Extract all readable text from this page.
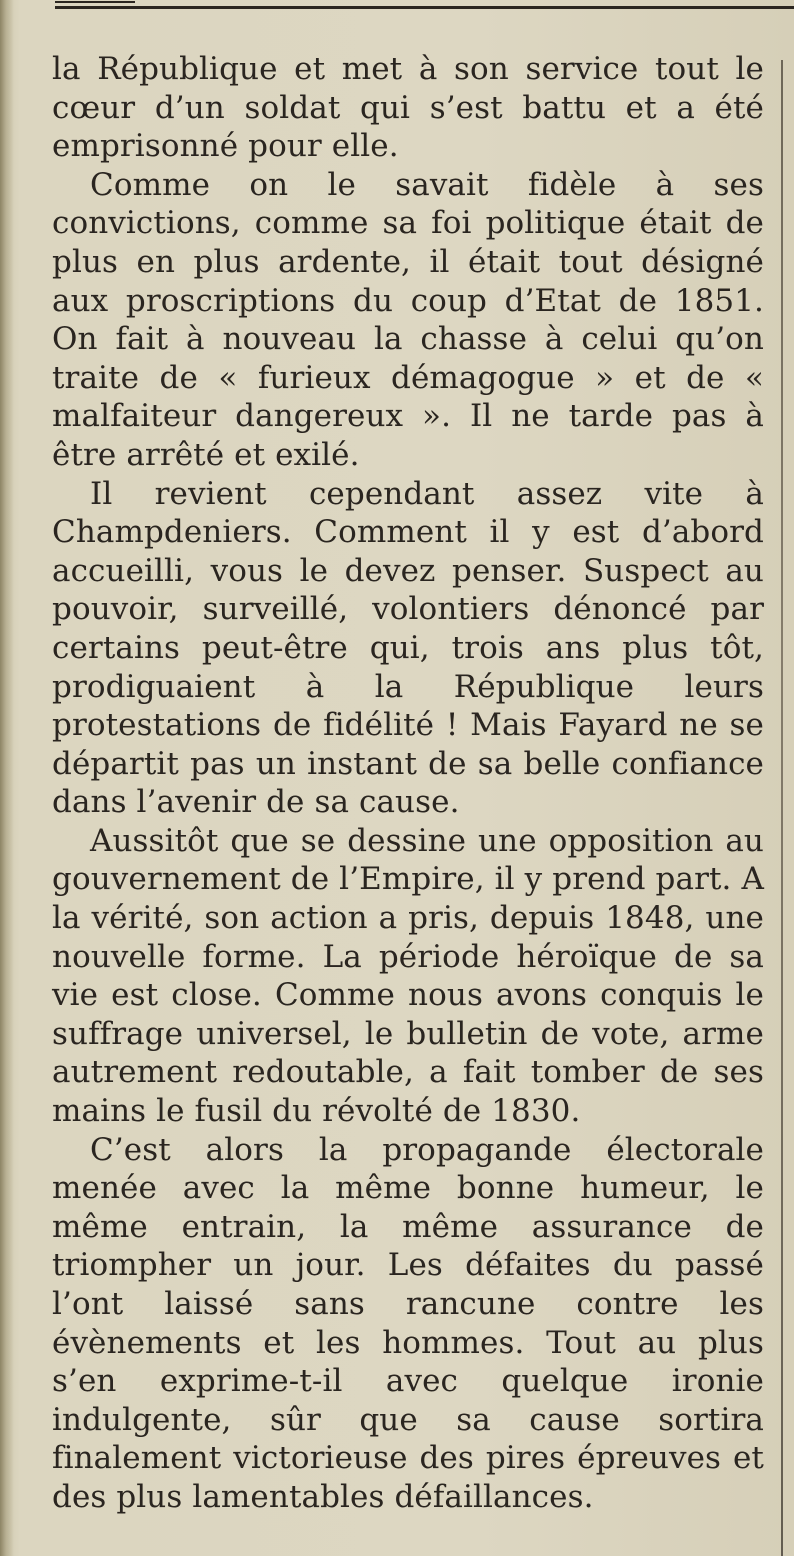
la République et met à son service tout le cœur d’un soldat qui s’est battu et a été emprisonné pour elle.

Comme on le savait fidèle à ses convictions, comme sa foi politique était de plus en plus ardente, il était tout désigné aux proscriptions du coup d’Etat de 1851. On fait à nouveau la chasse à celui qu’on traite de « furieux démagogue » et de « malfaiteur dangereux ». Il ne tarde pas à être arrêté et exilé.

Il revient cependant assez vite à Champdeniers. Comment il y est d’abord accueilli, vous le devez penser. Suspect au pouvoir, surveillé, volontiers dénoncé par certains peut-être qui, trois ans plus tôt, prodiguaient à la République leurs protestations de fidélité ! Mais Fayard ne se départit pas un instant de sa belle confiance dans l’avenir de sa cause.

Aussitôt que se dessine une opposition au gouvernement de l’Empire, il y prend part. A la vérité, son action a pris, depuis 1848, une nouvelle forme. La période héroïque de sa vie est close. Comme nous avons conquis le suffrage universel, le bulletin de vote, arme autrement redoutable, a fait tomber de ses mains le fusil du révolté de 1830.

C’est alors la propagande électorale menée avec la même bonne humeur, le même entrain, la même assurance de triompher un jour. Les défaites du passé l’ont laissé sans rancune contre les évènements et les hommes. Tout au plus s’en exprime-t-il avec quelque ironie indulgente, sûr que sa cause sortira finalement victorieuse des pires épreuves et des plus lamentables défaillances.
